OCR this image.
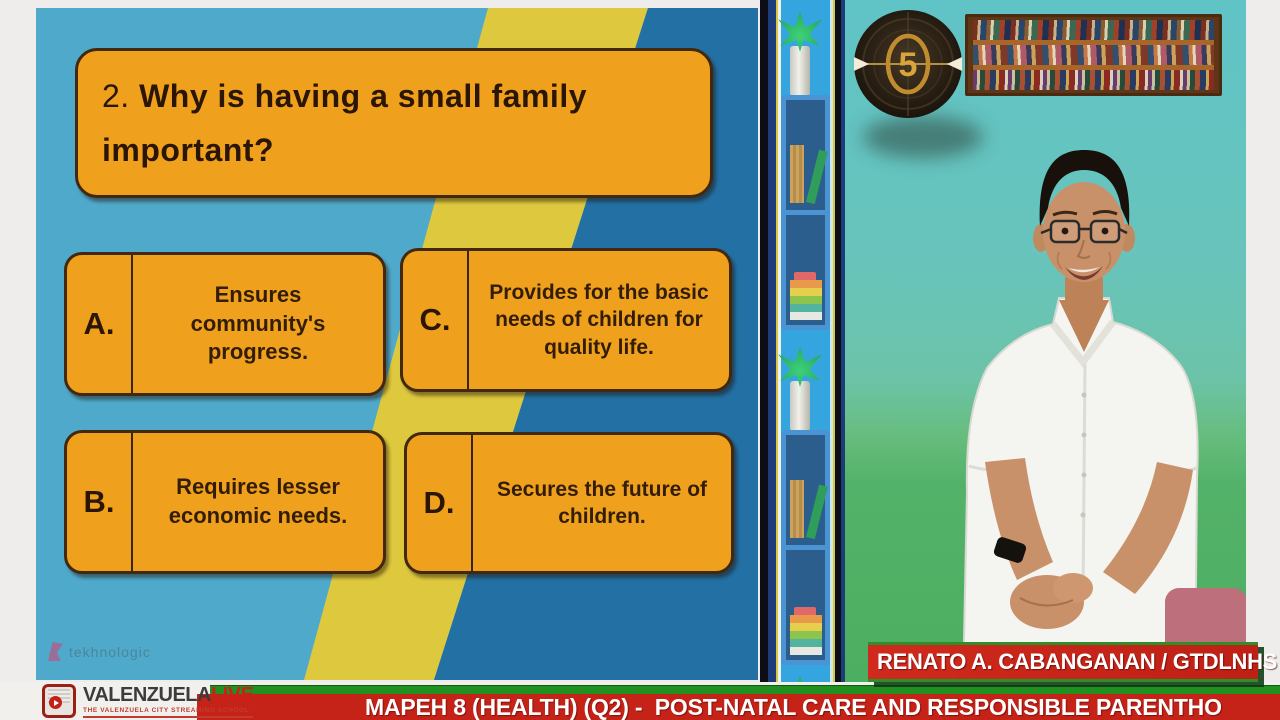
2. Why is having a small family important?
A.
Ensures community's progress.
C.
Provides for the basic needs of children for quality life.
B.	Requires lesser economic needs.	D.	Secures the future of children.
tekhnologic
5
RENATO A. CABANGANAN / GTDLNHS
MAPEH 8 (HEALTH) (Q2) -  POST-NATAL CARE AND RESPONSIBLE PARENTHO
VALENZUELALIVE
THE VALENZUELA CITY STREAMING SCHOOL
